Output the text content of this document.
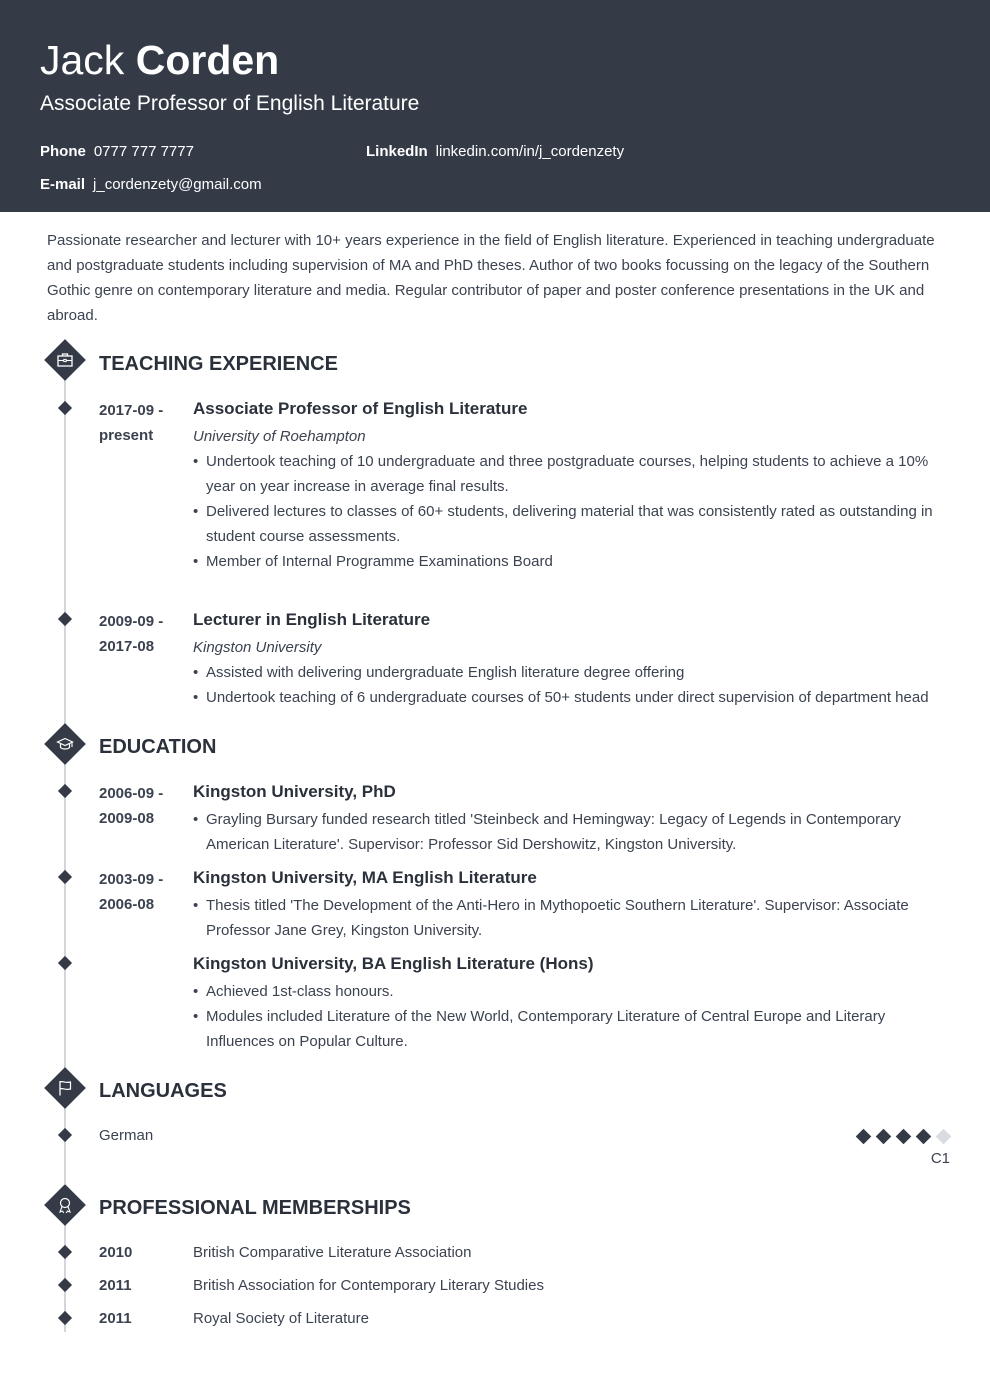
Jack Corden
Associate Professor of English Literature
Phone 0777 777 7777	LinkedIn linkedin.com/in/j_cordenzety
E-mail j_cordenzety@gmail.com

Passionate researcher and lecturer with 10+ years experience in the field of English literature. Experienced in teaching undergraduate and postgraduate students including supervision of MA and PhD theses. Author of two books focussing on the legacy of the Southern Gothic genre on contemporary literature and media. Regular contributor of paper and poster conference presentations in the UK and abroad.

TEACHING EXPERIENCE
2017-09 -
present
Associate Professor of English Literature
University of Roehampton
• Undertook teaching of 10 undergraduate and three postgraduate courses, helping students to achieve a 10% year on year increase in average final results.
• Delivered lectures to classes of 60+ students, delivering material that was consistently rated as outstanding in student course assessments.
• Member of Internal Programme Examinations Board
2009-09 -
2017-08
Lecturer in English Literature
Kingston University
• Assisted with delivering undergraduate English literature degree offering
• Undertook teaching of 6 undergraduate courses of 50+ students under direct supervision of department head
EDUCATION
2006-09 -
2009-08
Kingston University, PhD
• Grayling Bursary funded research titled 'Steinbeck and Hemingway: Legacy of Legends in Contemporary American Literature'. Supervisor: Professor Sid Dershowitz, Kingston University.
2003-09 -
2006-08
Kingston University, MA English Literature
• Thesis titled 'The Development of the Anti-Hero in Mythopoetic Southern Literature'. Supervisor: Associate Professor Jane Grey, Kingston University.
Kingston University, BA English Literature (Hons)
• Achieved 1st-class honours.
• Modules included Literature of the New World, Contemporary Literature of Central Europe and Literary Influences on Popular Culture.
LANGUAGES
German
C1
PROFESSIONAL MEMBERSHIPS
2010	British Comparative Literature Association
2011	British Association for Contemporary Literary Studies
2011	Royal Society of Literature
